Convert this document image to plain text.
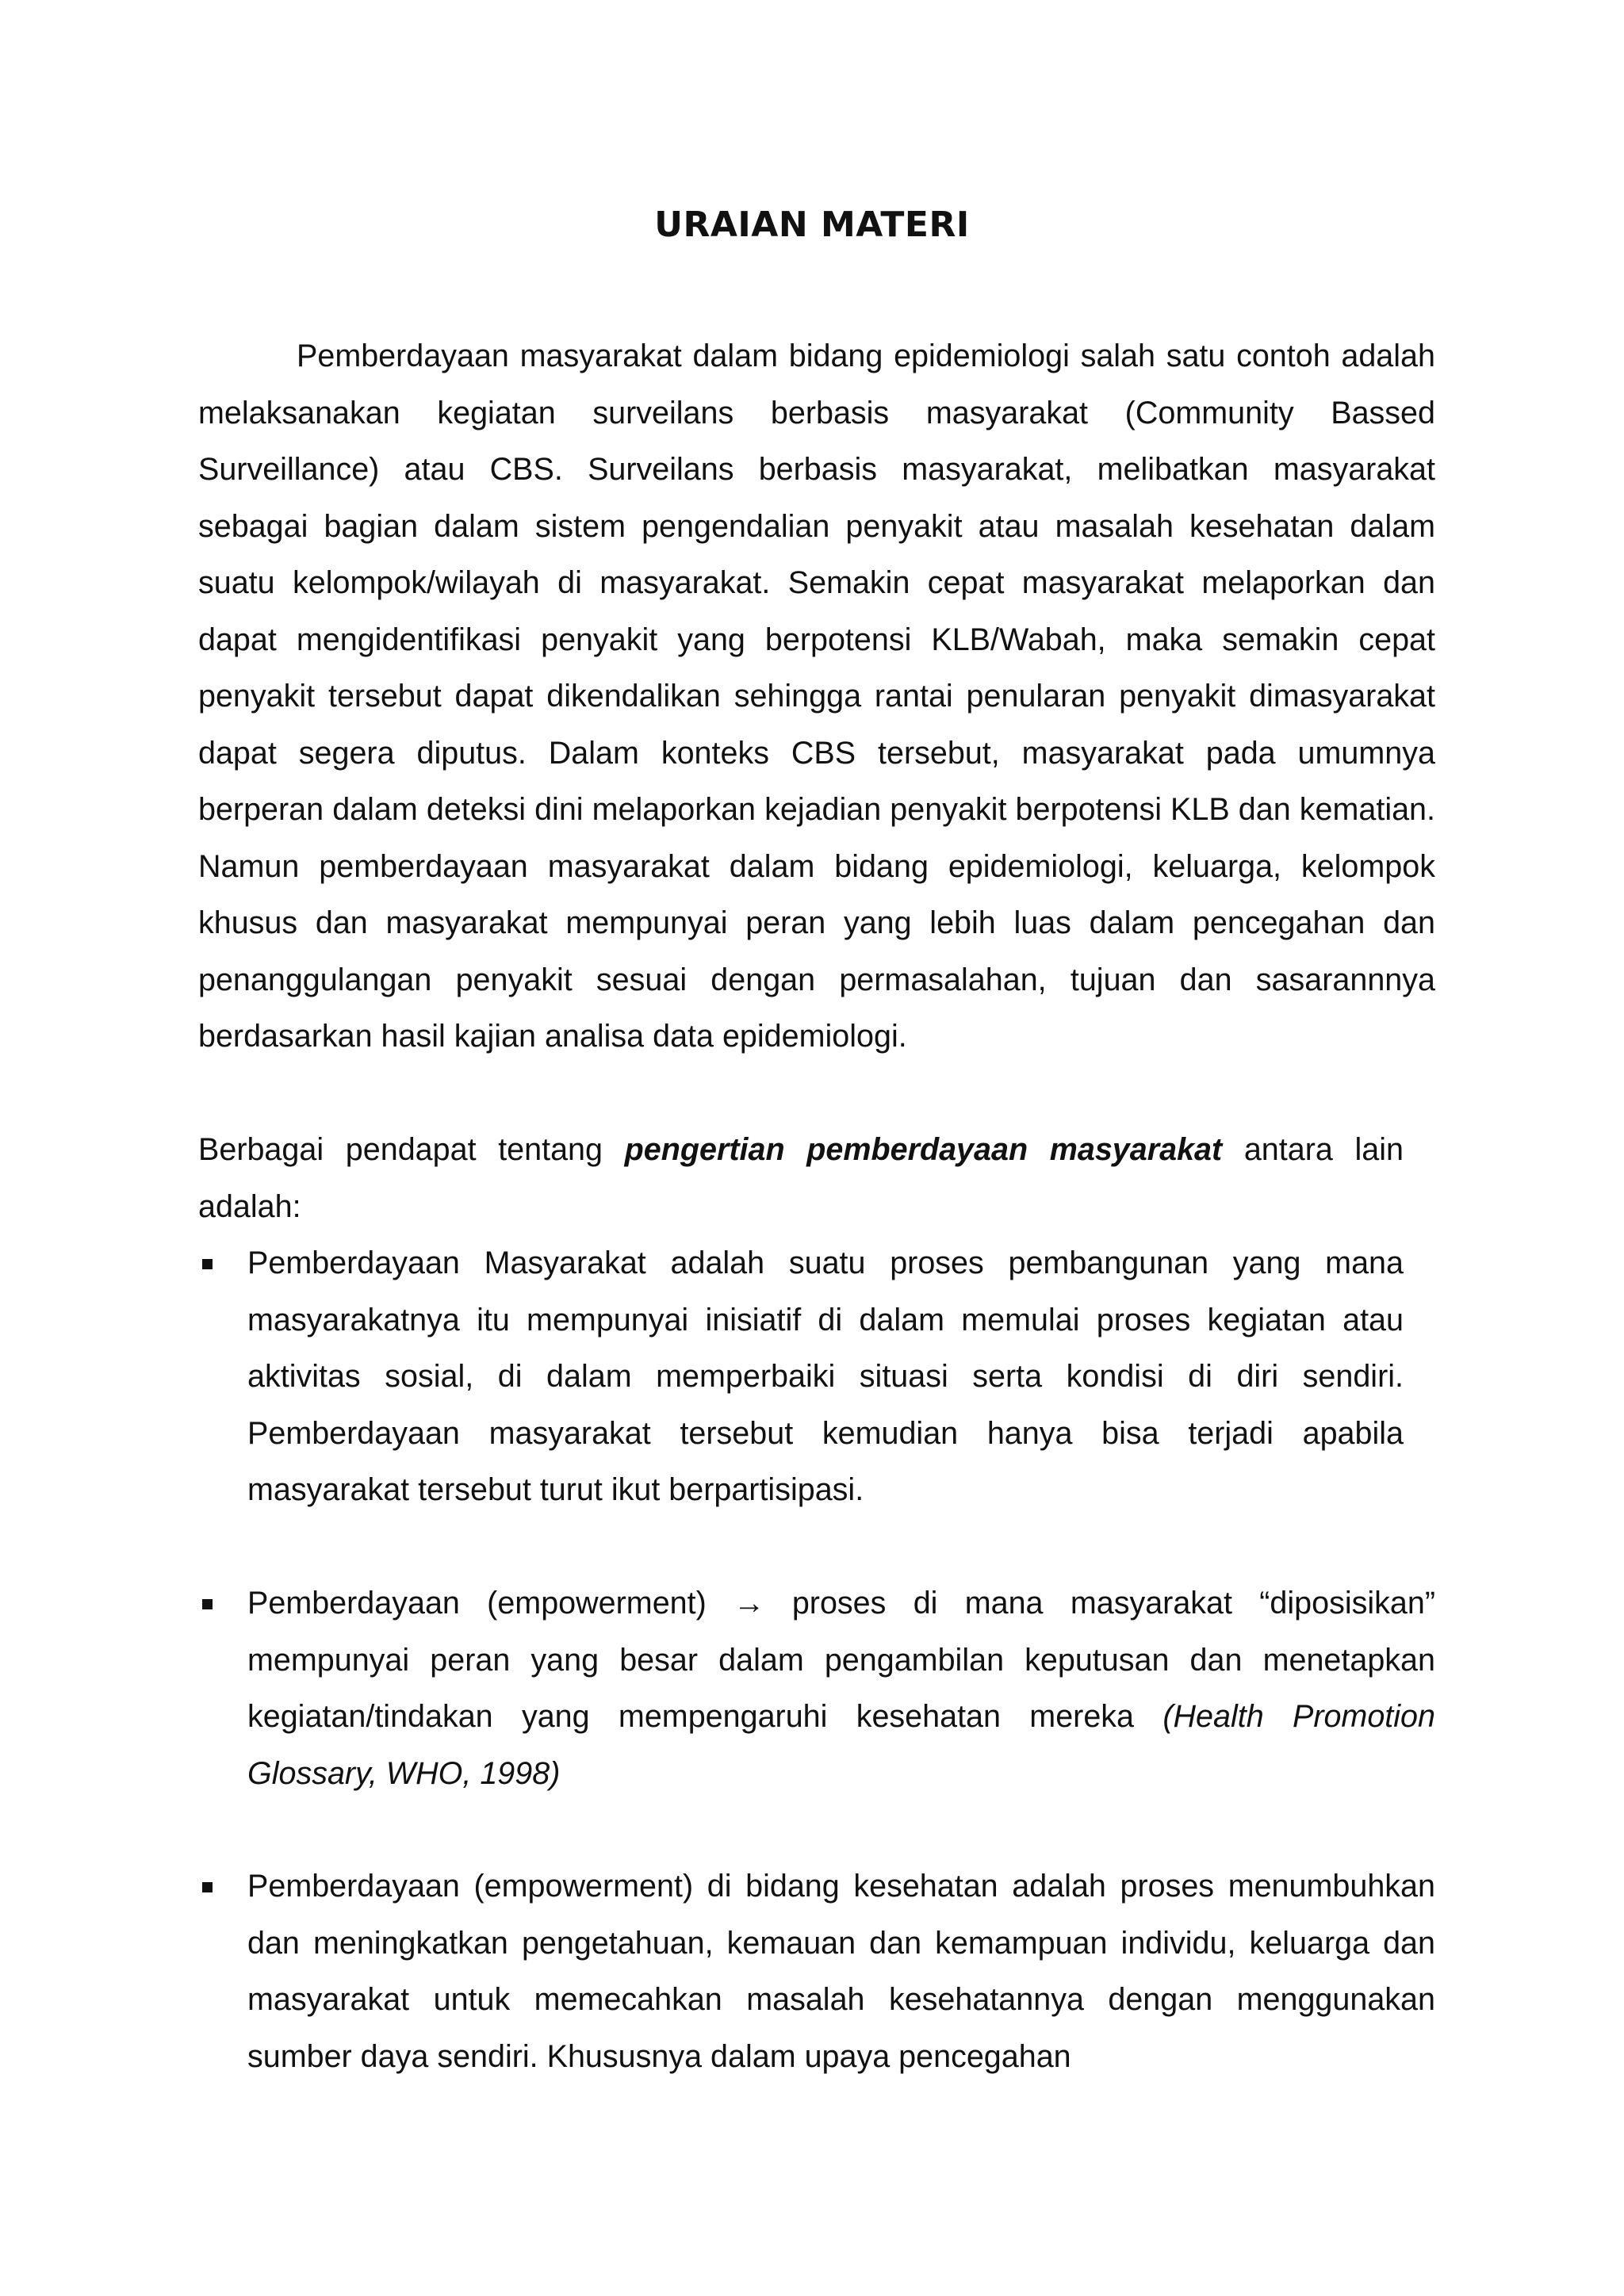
URAIAN MATERI

Pemberdayaan masyarakat dalam bidang epidemiologi salah satu contoh adalah melaksanakan kegiatan surveilans berbasis masyarakat (Community Bassed Surveillance) atau CBS. Surveilans berbasis masyarakat, melibatkan masyarakat sebagai bagian dalam sistem pengendalian penyakit atau masalah kesehatan dalam suatu kelompok/wilayah di masyarakat. Semakin cepat masyarakat melaporkan dan dapat mengidentifikasi penyakit yang berpotensi KLB/Wabah, maka semakin cepat penyakit tersebut dapat dikendalikan sehingga rantai penularan penyakit dimasyarakat dapat segera diputus. Dalam konteks CBS tersebut, masyarakat pada umumnya berperan dalam deteksi dini melaporkan kejadian penyakit berpotensi KLB dan kematian. Namun pemberdayaan masyarakat dalam bidang epidemiologi, keluarga, kelompok khusus dan masyarakat mempunyai peran yang lebih luas dalam pencegahan dan penanggulangan penyakit sesuai dengan permasalahan, tujuan dan sasarannnya berdasarkan hasil kajian analisa data epidemiologi.

Berbagai pendapat tentang pengertian pemberdayaan masyarakat antara lain adalah:

Pemberdayaan Masyarakat adalah suatu proses pembangunan yang mana masyarakatnya itu mempunyai inisiatif di dalam memulai proses kegiatan atau aktivitas sosial, di dalam memperbaiki situasi serta kondisi di diri sendiri. Pemberdayaan masyarakat tersebut kemudian hanya bisa terjadi apabila masyarakat tersebut turut ikut berpartisipasi.

Pemberdayaan (empowerment) → proses di mana masyarakat “diposisikan” mempunyai peran yang besar dalam pengambilan keputusan dan menetapkan kegiatan/tindakan yang mempengaruhi kesehatan mereka (Health Promotion Glossary, WHO, 1998)

Pemberdayaan (empowerment) di bidang kesehatan adalah proses menumbuhkan dan meningkatkan pengetahuan, kemauan dan kemampuan individu, keluarga dan masyarakat untuk memecahkan masalah kesehatannya dengan menggunakan sumber daya sendiri. Khususnya dalam upaya pencegahan
